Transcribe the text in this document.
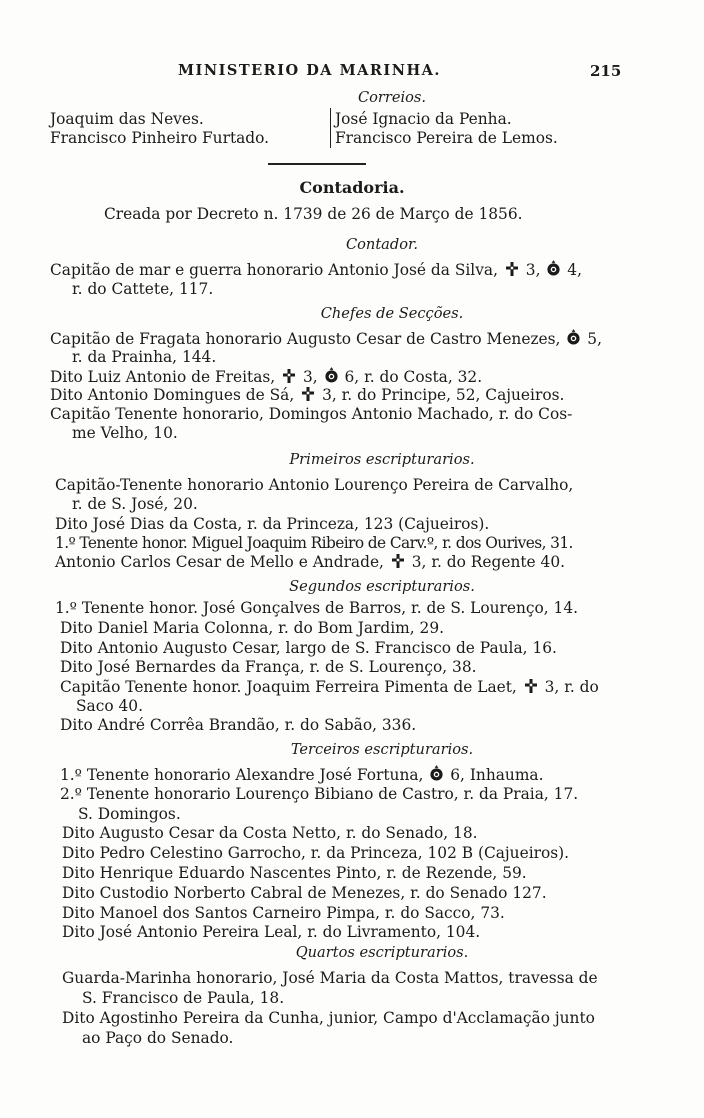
MINISTERIO DA MARINHA.	215
Correios.
Joaquim das Neves.
Francisco Pinheiro Furtado.
José Ignacio da Penha.
Francisco Pereira de Lemos.
Contadoria.
Creada por Decreto n. 1739 de 26 de Março de 1856.
Contador.
Capitão de mar e guerra honorario Antonio José da Silva, 3, 4,
r. do Cattete, 117.
Chefes de Secções.
Capitão de Fragata honorario Augusto Cesar de Castro Menezes, 5,
r. da Prainha, 144.
Dito Luiz Antonio de Freitas, 3, 6, r. do Costa, 32.
Dito Antonio Domingues de Sá, 3, r. do Principe, 52, Cajueiros.
Capitão Tenente honorario, Domingos Antonio Machado, r. do Cos-
me Velho, 10.
Primeiros escripturarios.
Capitão-Tenente honorario Antonio Lourenço Pereira de Carvalho,
r. de S. José, 20.
Dito José Dias da Costa, r. da Princeza, 123 (Cajueiros).
1.º Tenente honor. Miguel Joaquim Ribeiro de Carv.º, r. dos Ourives, 31.
Antonio Carlos Cesar de Mello e Andrade, 3, r. do Regente 40.
Segundos escripturarios.
1.º Tenente honor. José Gonçalves de Barros, r. de S. Lourenço, 14.
Dito Daniel Maria Colonna, r. do Bom Jardim, 29.
Dito Antonio Augusto Cesar, largo de S. Francisco de Paula, 16.
Dito José Bernardes da França, r. de S. Lourenço, 38.
Capitão Tenente honor. Joaquim Ferreira Pimenta de Laet, 3, r. do
Saco 40.
Dito André Corrêa Brandão, r. do Sabão, 336.
Terceiros escripturarios.
1.º Tenente honorario Alexandre José Fortuna, 6, Inhauma.
2.º Tenente honorario Lourenço Bibiano de Castro, r. da Praia, 17.
S. Domingos.
Dito Augusto Cesar da Costa Netto, r. do Senado, 18.
Dito Pedro Celestino Garrocho, r. da Princeza, 102 B (Cajueiros).
Dito Henrique Eduardo Nascentes Pinto, r. de Rezende, 59.
Dito Custodio Norberto Cabral de Menezes, r. do Senado 127.
Dito Manoel dos Santos Carneiro Pimpa, r. do Sacco, 73.
Dito José Antonio Pereira Leal, r. do Livramento, 104.
Quartos escripturarios.
Guarda-Marinha honorario, José Maria da Costa Mattos, travessa de
S. Francisco de Paula, 18.
Dito Agostinho Pereira da Cunha, junior, Campo d'Acclamação junto
ao Paço do Senado.
